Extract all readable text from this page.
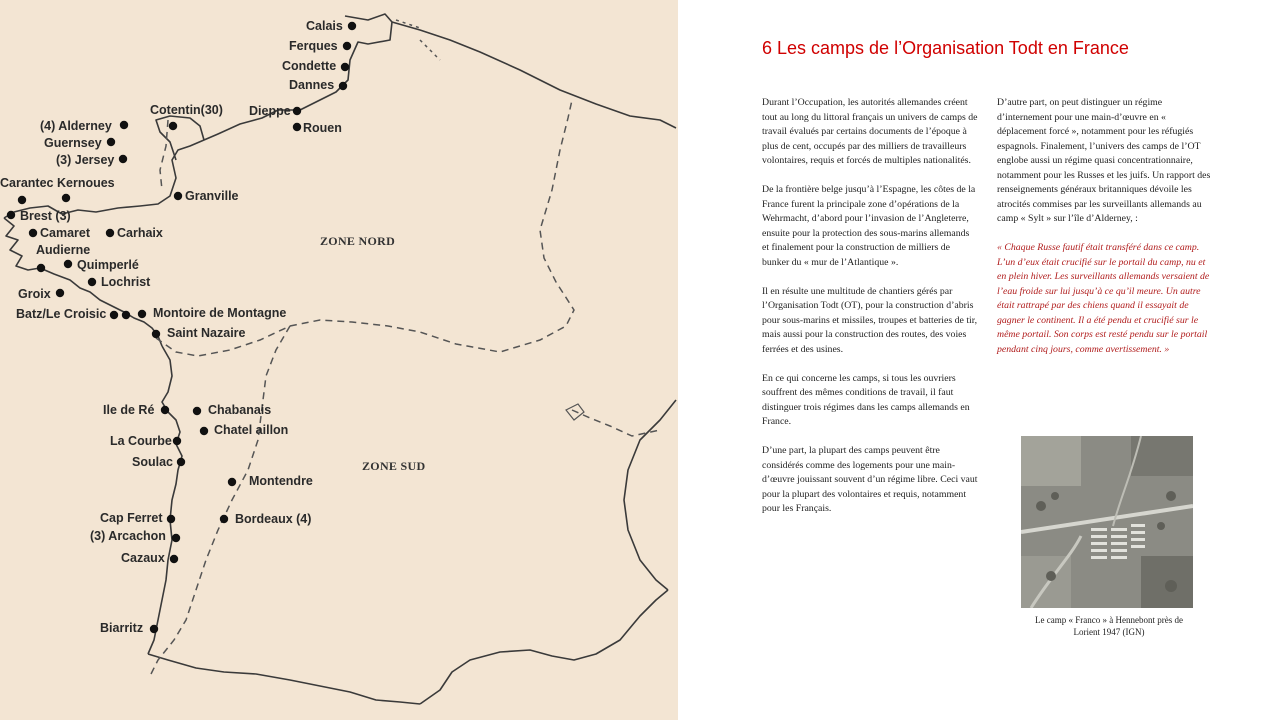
ZONE NORD
ZONE SUD
Calais
Ferques
Condette
Dannes
Dieppe
Rouen
Cotentin(30)
(4) Alderney
Guernsey
(3) Jersey
Carantec Kernoues
Granville
Brest (3)
Camaret Carhaix
Audierne
Quimperlé
Lochrist
Groix
Batz/Le Croisic	Montoire de Montagne
Saint Nazaire
Ile de Ré	Chabanais
Chatel aillon
La Courbe
Soulac
Montendre
Cap Ferret	Bordeaux (4)
(3) Arcachon
Cazaux
Biarritz
6 Les camps de l’Organisation Todt en France

Durant l’Occupation, les autorités allemandes créent tout au long du littoral français un univers de camps de travail évalués par certains documents de l’époque à plus de cent, occupés par des milliers de travailleurs volontaires, requis et forcés de multiples nationalités.

De la frontière belge jusqu’à l’Espagne, les côtes de la France furent la principale zone d’opérations de la Wehrmacht, d’abord pour l’invasion de l’Angleterre, ensuite pour la protection des sous-marins allemands et finalement pour la construction de milliers de bunker du « mur de l’Atlantique ».

Il en résulte une multitude de chantiers gérés par l’Organisation Todt (OT), pour la construction d’abris pour sous-marins et missiles, troupes et batteries de tir, mais aussi pour la construction des routes, des voies ferrées et des usines.

En ce qui concerne les camps, si tous les ouvriers souffrent des mêmes conditions de travail, il faut distinguer trois régimes dans les camps allemands en France.

D’une part, la plupart des camps peuvent être considérés comme des logements pour une main-d’œuvre jouissant souvent d’un régime libre. Ceci vaut pour la plupart des volontaires et requis, notamment pour les Français.

D’autre part, on peut distinguer un régime d’internement pour une main-d’œuvre en « déplacement forcé », notamment pour les réfugiés espagnols. Finalement, l’univers des camps de l’OT englobe aussi un régime quasi concentrationnaire, notamment pour les Russes et les juifs. Un rapport des renseignements généraux britanniques dévoile les atrocités commises par les surveillants allemands au camp « Sylt » sur l’île d’Alderney, :

« Chaque Russe fautif était transféré dans ce camp. L’un d’eux était crucifié sur le portail du camp, nu et en plein hiver. Les surveillants allemands versaient de l’eau froide sur lui jusqu’à ce qu’il meure. Un autre était rattrapé par des chiens quand il essayait de gagner le continent. Il a été pendu et crucifié sur le même portail. Son corps est resté pendu sur le portail pendant cinq jours, comme avertissement. »

Le camp « Franco » à Hennebont près de Lorient 1947 (IGN)
